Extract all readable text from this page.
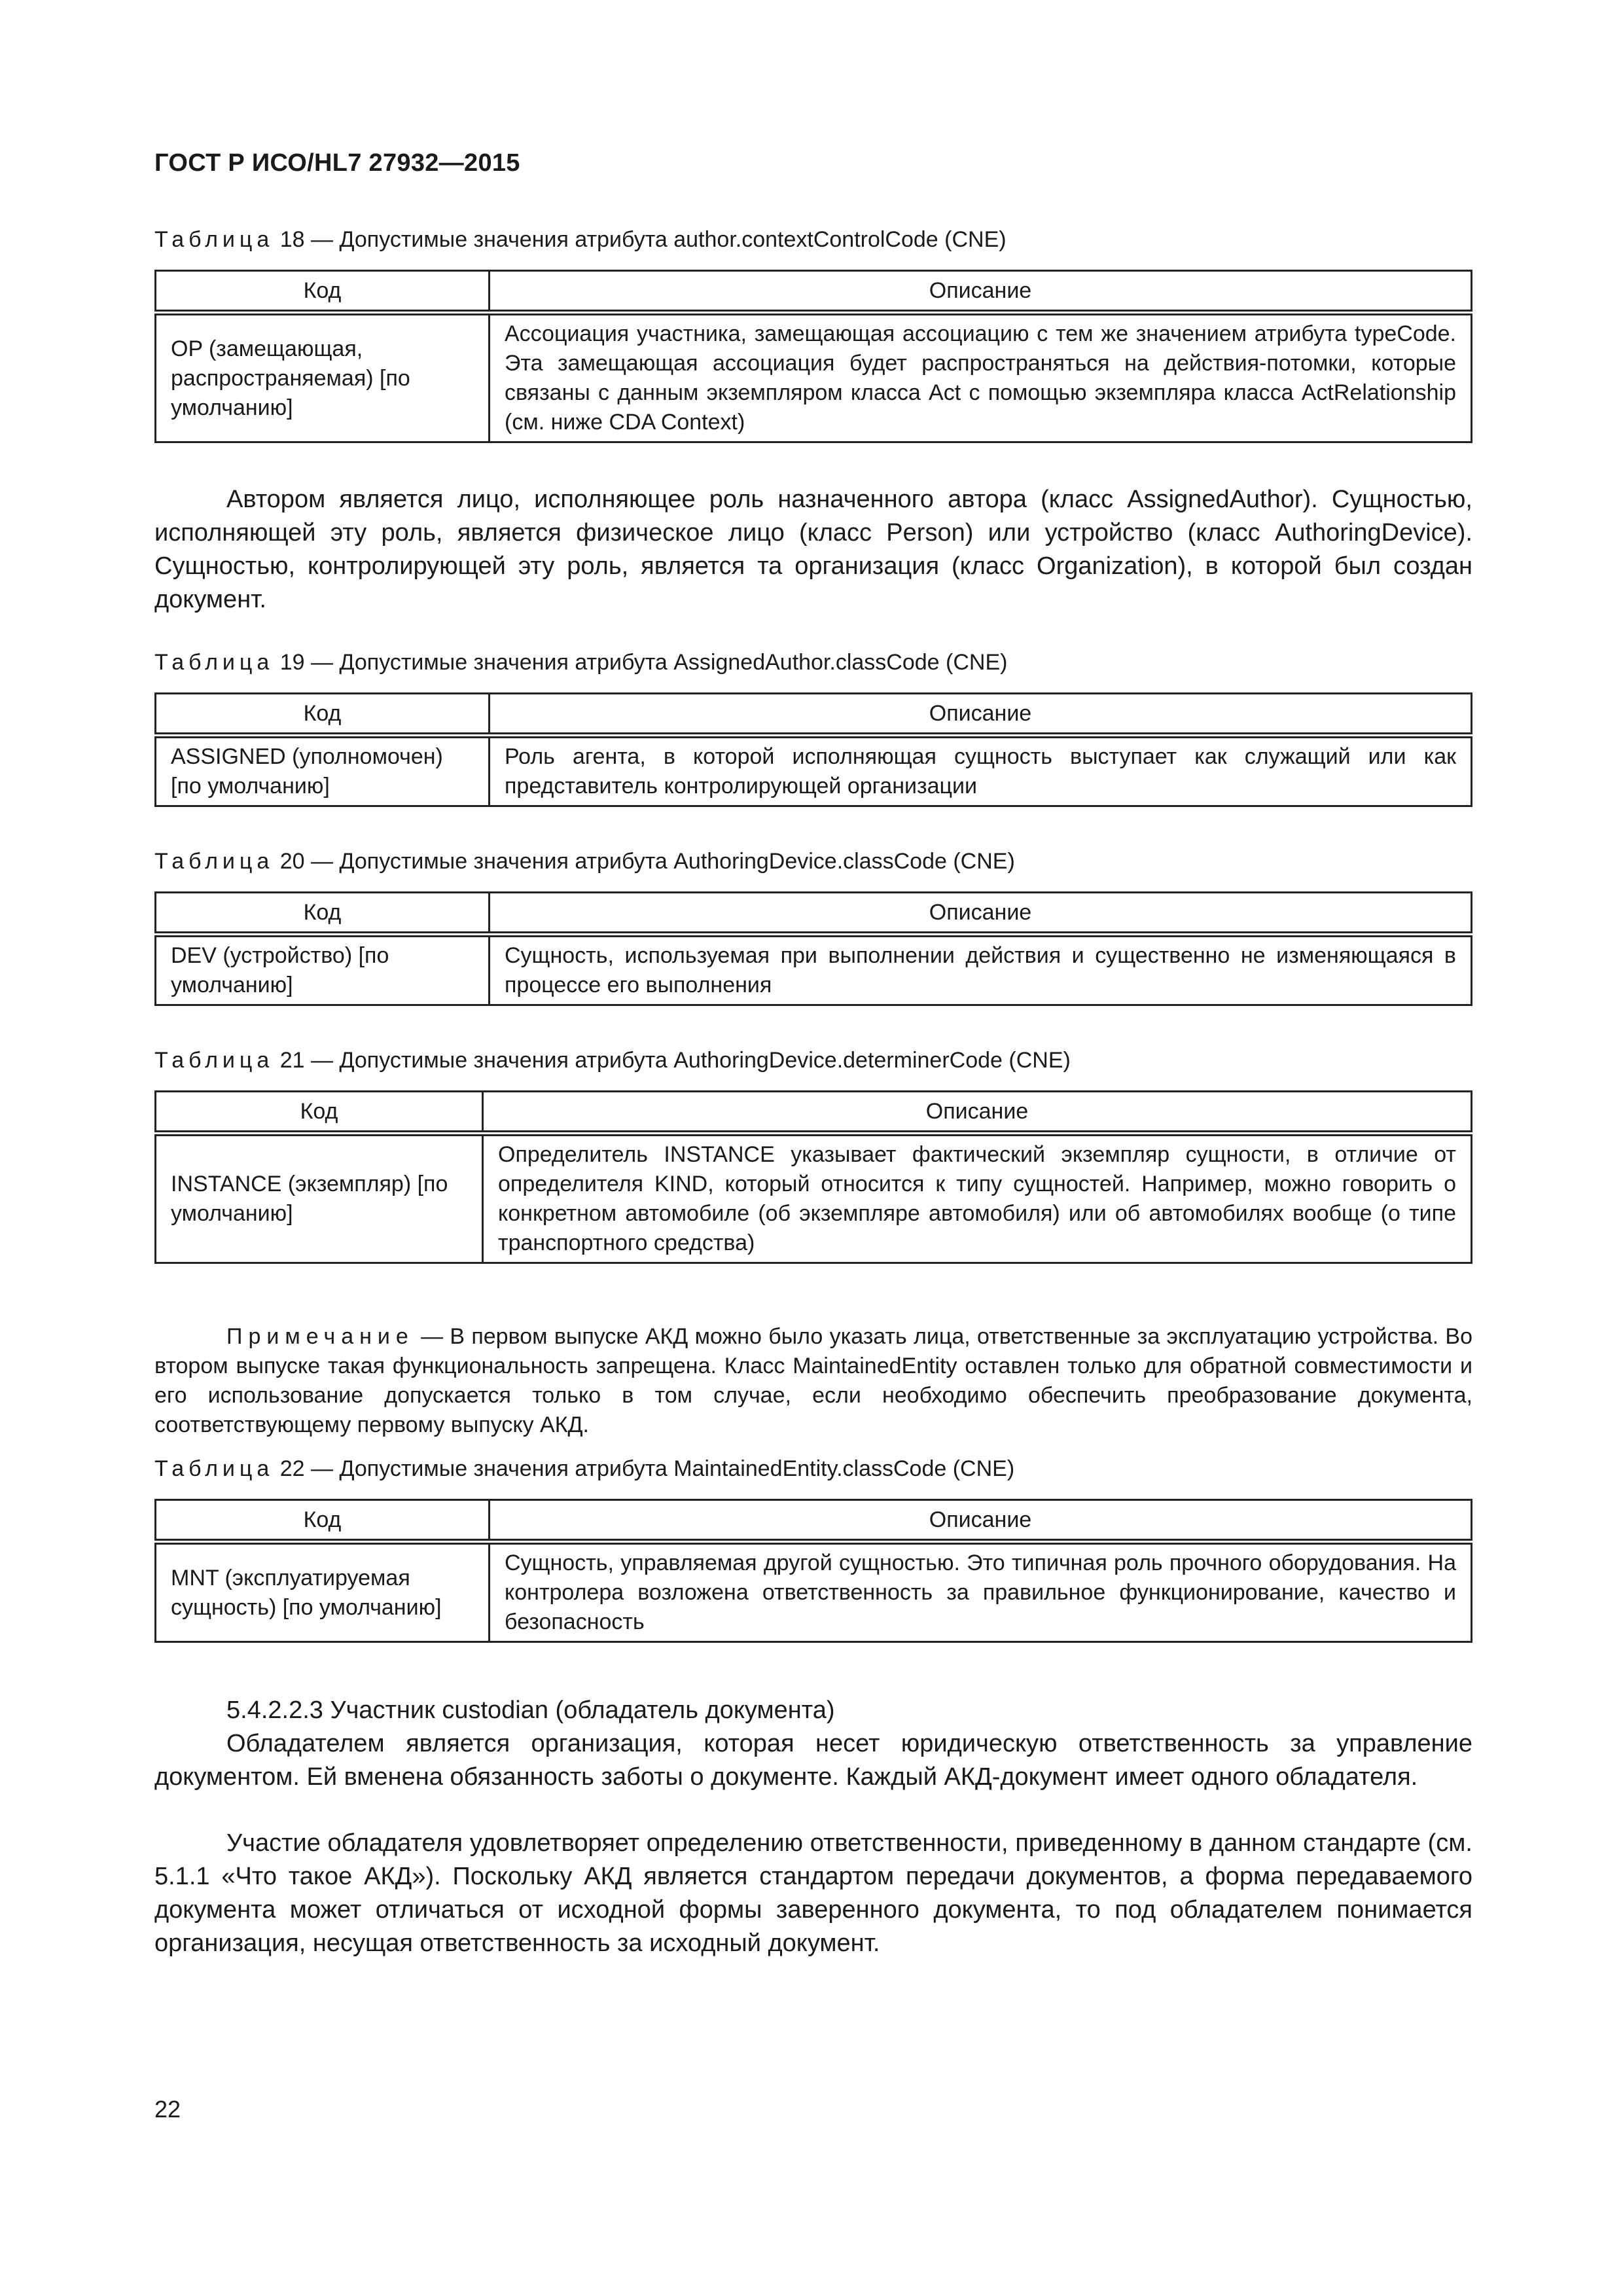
ГОСТ Р ИСО/HL7 27932—2015
Таблица 18 — Допустимые значения атрибута author.contextControlCode (CNE)
Код	Описание
OP (замещающая, распространяемая) [по умолчанию]	Ассоциация участника, замещающая ассоциацию с тем же значением атрибута typeCode. Эта замещающая ассоциация будет распространяться на действия-потомки, которые связаны с данным экземпляром класса Act с помощью экземпляра класса ActRelationship (см. ниже CDA Context)
Автором является лицо, исполняющее роль назначенного автора (класс AssignedAuthor). Сущностью, исполняющей эту роль, является физическое лицо (класс Person) или устройство (класс AuthoringDevice). Сущностью, контролирующей эту роль, является та организация (класс Organization), в которой был создан документ.
Таблица 19 — Допустимые значения атрибута AssignedAuthor.classCode (CNE)
Код	Описание
ASSIGNED (уполномочен) [по умолчанию]	Роль агента, в которой исполняющая сущность выступает как служащий или как представитель контролирующей организации
Таблица 20 — Допустимые значения атрибута AuthoringDevice.classCode (CNE)
Код	Описание
DEV (устройство) [по умолчанию]	Сущность, используемая при выполнении действия и существенно не изменяющаяся в процессе его выполнения
Таблица 21 — Допустимые значения атрибута AuthoringDevice.determinerCode (CNE)
Код	Описание
INSTANCE (экземпляр) [по умолчанию]	Определитель INSTANCE указывает фактический экземпляр сущности, в отличие от определителя KIND, который относится к типу сущностей. Например, можно говорить о конкретном автомобиле (об экземпляре автомобиля) или об автомобилях вообще (о типе транспортного средства)
Примечание — В первом выпуске АКД можно было указать лица, ответственные за эксплуатацию устройства. Во втором выпуске такая функциональность запрещена. Класс MaintainedEntity оставлен только для обратной совместимости и его использование допускается только в том случае, если необходимо обеспечить преобразование документа, соответствующему первому выпуску АКД.
Таблица 22 — Допустимые значения атрибута MaintainedEntity.classCode (CNE)
Код	Описание
MNT (эксплуатируемая сущность) [по умолчанию]	Сущность, управляемая другой сущностью. Это типичная роль прочного оборудования. На контролера возложена ответственность за правильное функционирование, качество и безопасность
5.4.2.2.3 Участник custodian (обладатель документа)
Обладателем является организация, которая несет юридическую ответственность за управление документом. Ей вменена обязанность заботы о документе. Каждый АКД-документ имеет одного обладателя.
Участие обладателя удовлетворяет определению ответственности, приведенному в данном стандарте (см. 5.1.1 «Что такое АКД»). Поскольку АКД является стандартом передачи документов, а форма передаваемого документа может отличаться от исходной формы заверенного документа, то под обладателем понимается организация, несущая ответственность за исходный документ.
22
